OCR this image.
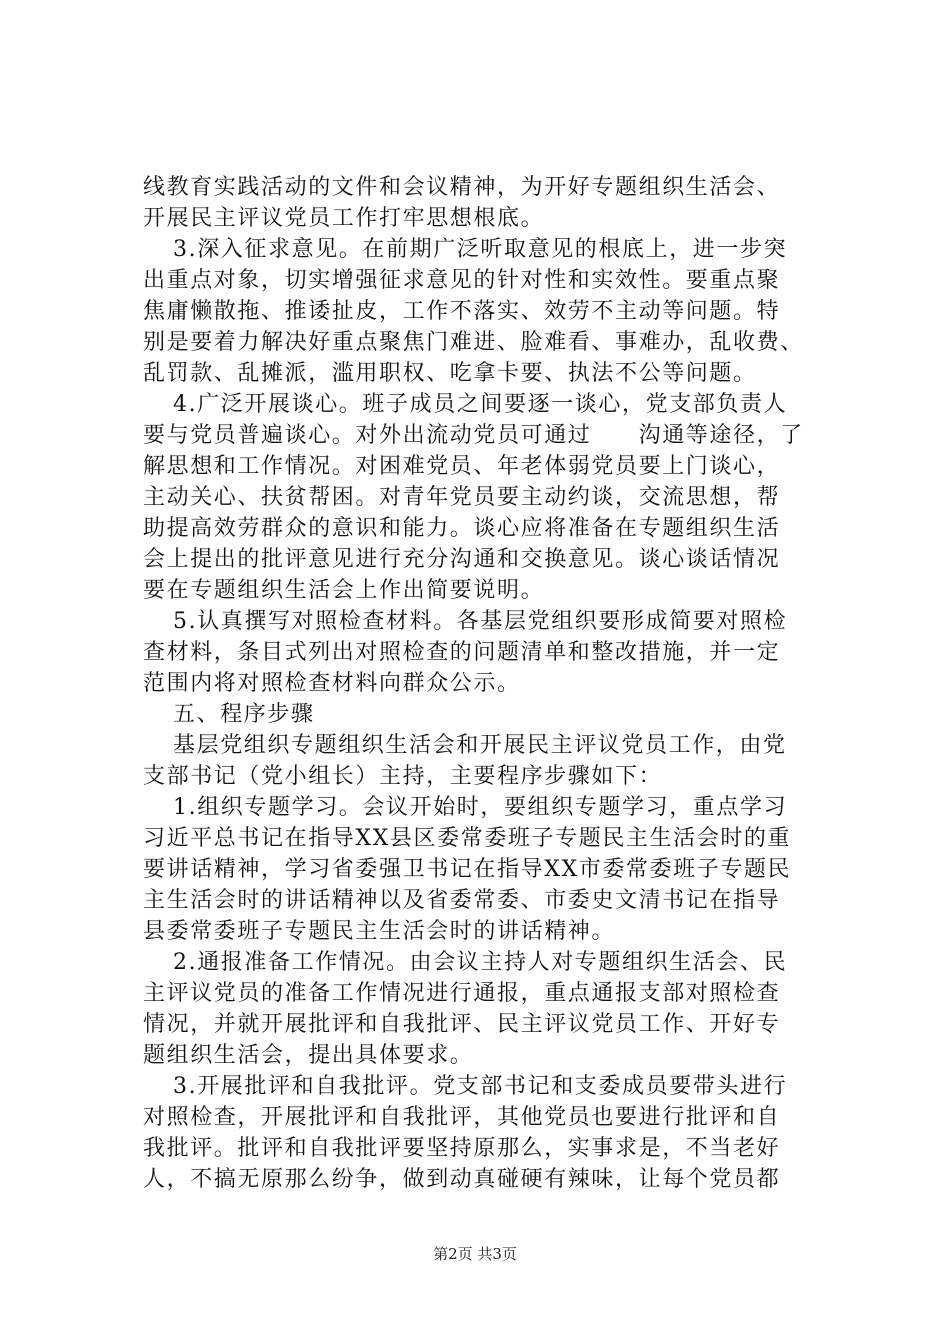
线教育实践活动的文件和会议精神，为开好专题组织生活会、
开展民主评议党员工作打牢思想根底。
3.深入征求意见。在前期广泛听取意见的根底上，进一步突
出重点对象，切实增强征求意见的针对性和实效性。要重点聚
焦庸懒散拖、推诿扯皮，工作不落实、效劳不主动等问题。特
别是要着力解决好重点聚焦门难进、脸难看、事难办，乱收费、
乱罚款、乱摊派，滥用职权、吃拿卡要、执法不公等问题。
4.广泛开展谈心。班子成员之间要逐一谈心，党支部负责人
要与党员普遍谈心。对外出流动党员可通过　　沟通等途径，了
解思想和工作情况。对困难党员、年老体弱党员要上门谈心，
主动关心、扶贫帮困。对青年党员要主动约谈，交流思想，帮
助提高效劳群众的意识和能力。谈心应将准备在专题组织生活
会上提出的批评意见进行充分沟通和交换意见。谈心谈话情况
要在专题组织生活会上作出简要说明。
5.认真撰写对照检查材料。各基层党组织要形成简要对照检
查材料，条目式列出对照检查的问题清单和整改措施，并一定
范围内将对照检查材料向群众公示。
五、程序步骤
基层党组织专题组织生活会和开展民主评议党员工作，由党
支部书记（党小组长）主持，主要程序步骤如下：
1.组织专题学习。会议开始时，要组织专题学习，重点学习
习近平总书记在指导XX县区委常委班子专题民主生活会时的重
要讲话精神，学习省委强卫书记在指导XX市委常委班子专题民
主生活会时的讲话精神以及省委常委、市委史文清书记在指导
县委常委班子专题民主生活会时的讲话精神。
2.通报准备工作情况。由会议主持人对专题组织生活会、民
主评议党员的准备工作情况进行通报，重点通报支部对照检查
情况，并就开展批评和自我批评、民主评议党员工作、开好专
题组织生活会，提出具体要求。
3.开展批评和自我批评。党支部书记和支委成员要带头进行
对照检查，开展批评和自我批评，其他党员也要进行批评和自
我批评。批评和自我批评要坚持原那么，实事求是，不当老好
人，不搞无原那么纷争，做到动真碰硬有辣味，让每个党员都
第2页 共3页
